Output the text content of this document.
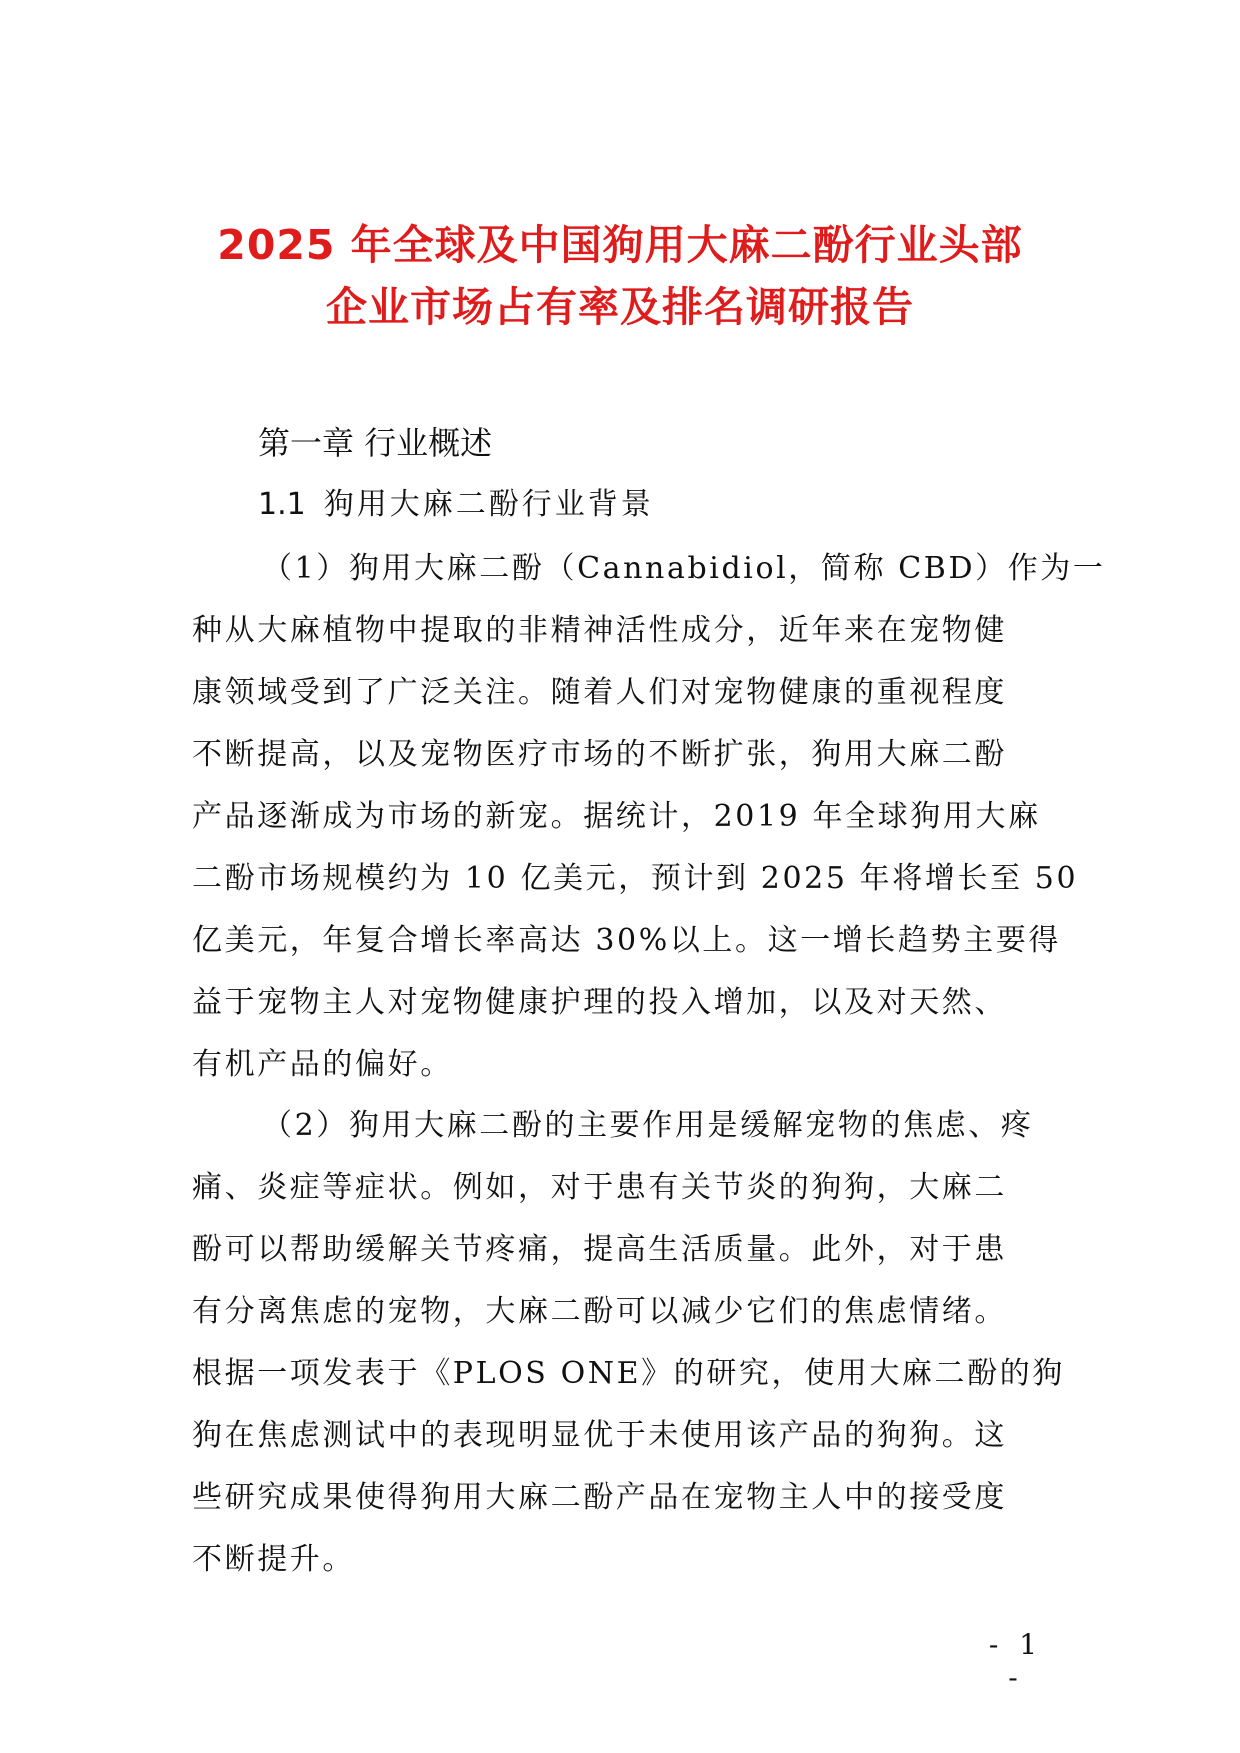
2025 年全球及中国狗用大麻二酚行业头部
企业市场占有率及排名调研报告
第一章 行业概述
1.1 狗用大麻二酚行业背景
（1）狗用大麻二酚（Cannabidiol，简称 CBD）作为一
种从大麻植物中提取的非精神活性成分，近年来在宠物健
康领域受到了广泛关注。随着人们对宠物健康的重视程度
不断提高，以及宠物医疗市场的不断扩张，狗用大麻二酚
产品逐渐成为市场的新宠。据统计，2019 年全球狗用大麻
二酚市场规模约为 10 亿美元，预计到 2025 年将增长至 50
亿美元，年复合增长率高达 30%以上。这一增长趋势主要得
益于宠物主人对宠物健康护理的投入增加，以及对天然、
有机产品的偏好。
（2）狗用大麻二酚的主要作用是缓解宠物的焦虑、疼
痛、炎症等症状。例如，对于患有关节炎的狗狗，大麻二
酚可以帮助缓解关节疼痛，提高生活质量。此外，对于患
有分离焦虑的宠物，大麻二酚可以减少它们的焦虑情绪。
根据一项发表于《PLOS ONE》的研究，使用大麻二酚的狗
狗在焦虑测试中的表现明显优于未使用该产品的狗狗。这
些研究成果使得狗用大麻二酚产品在宠物主人中的接受度
不断提升。
- 1 -
